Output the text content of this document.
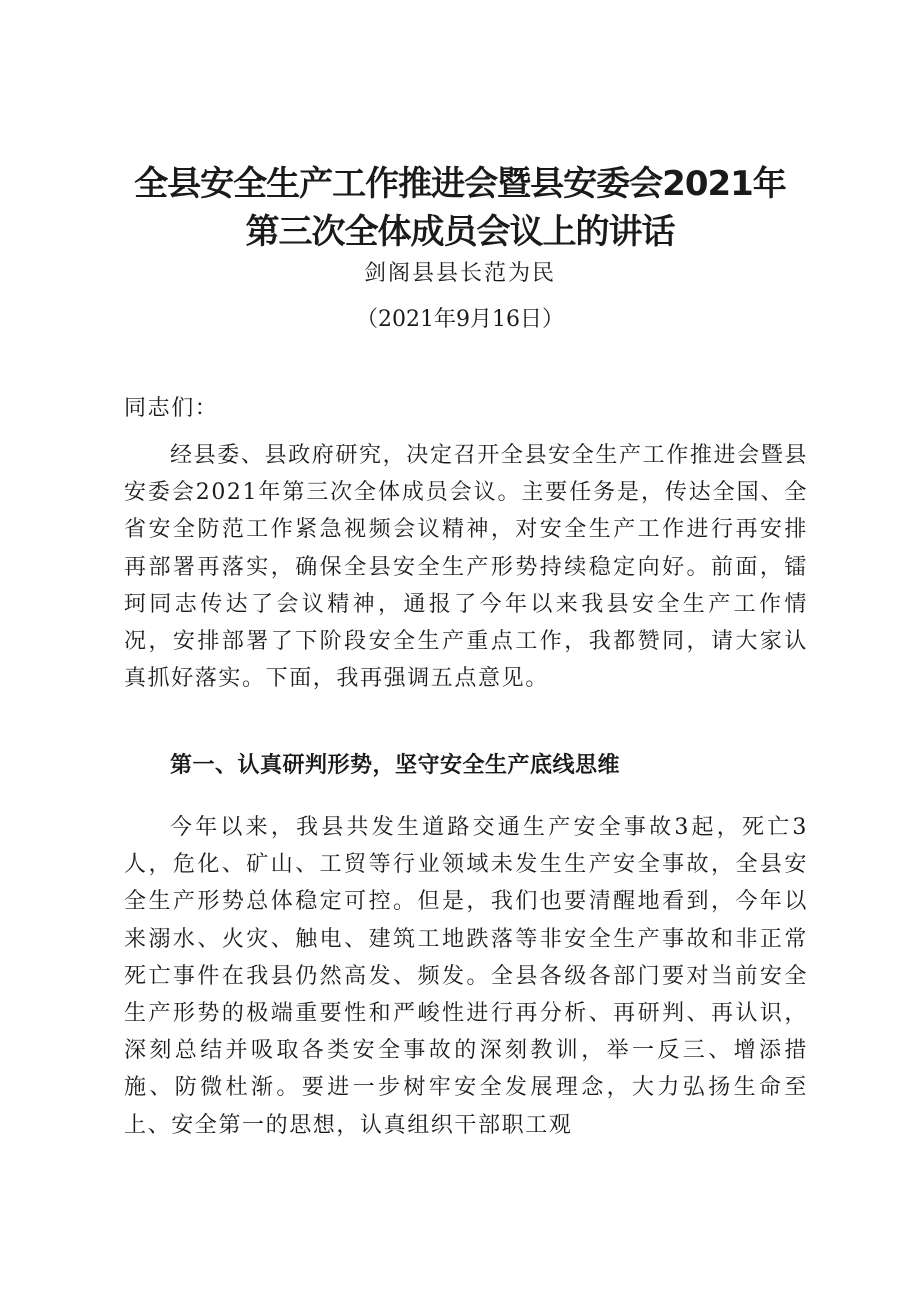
全县安全生产工作推进会暨县安委会2021年
第三次全体成员会议上的讲话
剑阁县县长范为民
（2021年9月16日）

同志们：

经县委、县政府研究，决定召开全县安全生产工作推进会暨县安委会2021年第三次全体成员会议。主要任务是，传达全国、全省安全防范工作紧急视频会议精神，对安全生产工作进行再安排再部署再落实，确保全县安全生产形势持续稳定向好。前面，镭珂同志传达了会议精神，通报了今年以来我县安全生产工作情况，安排部署了下阶段安全生产重点工作，我都赞同，请大家认真抓好落实。下面，我再强调五点意见。

第一、认真研判形势，坚守安全生产底线思维

今年以来，我县共发生道路交通生产安全事故3起，死亡3人，危化、矿山、工贸等行业领域未发生生产安全事故，全县安全生产形势总体稳定可控。但是，我们也要清醒地看到，今年以来溺水、火灾、触电、建筑工地跌落等非安全生产事故和非正常死亡事件在我县仍然高发、频发。全县各级各部门要对当前安全生产形势的极端重要性和严峻性进行再分析、再研判、再认识，深刻总结并吸取各类安全事故的深刻教训，举一反三、增添措施、防微杜渐。要进一步树牢安全发展理念，大力弘扬生命至上、安全第一的思想，认真组织干部职工观
